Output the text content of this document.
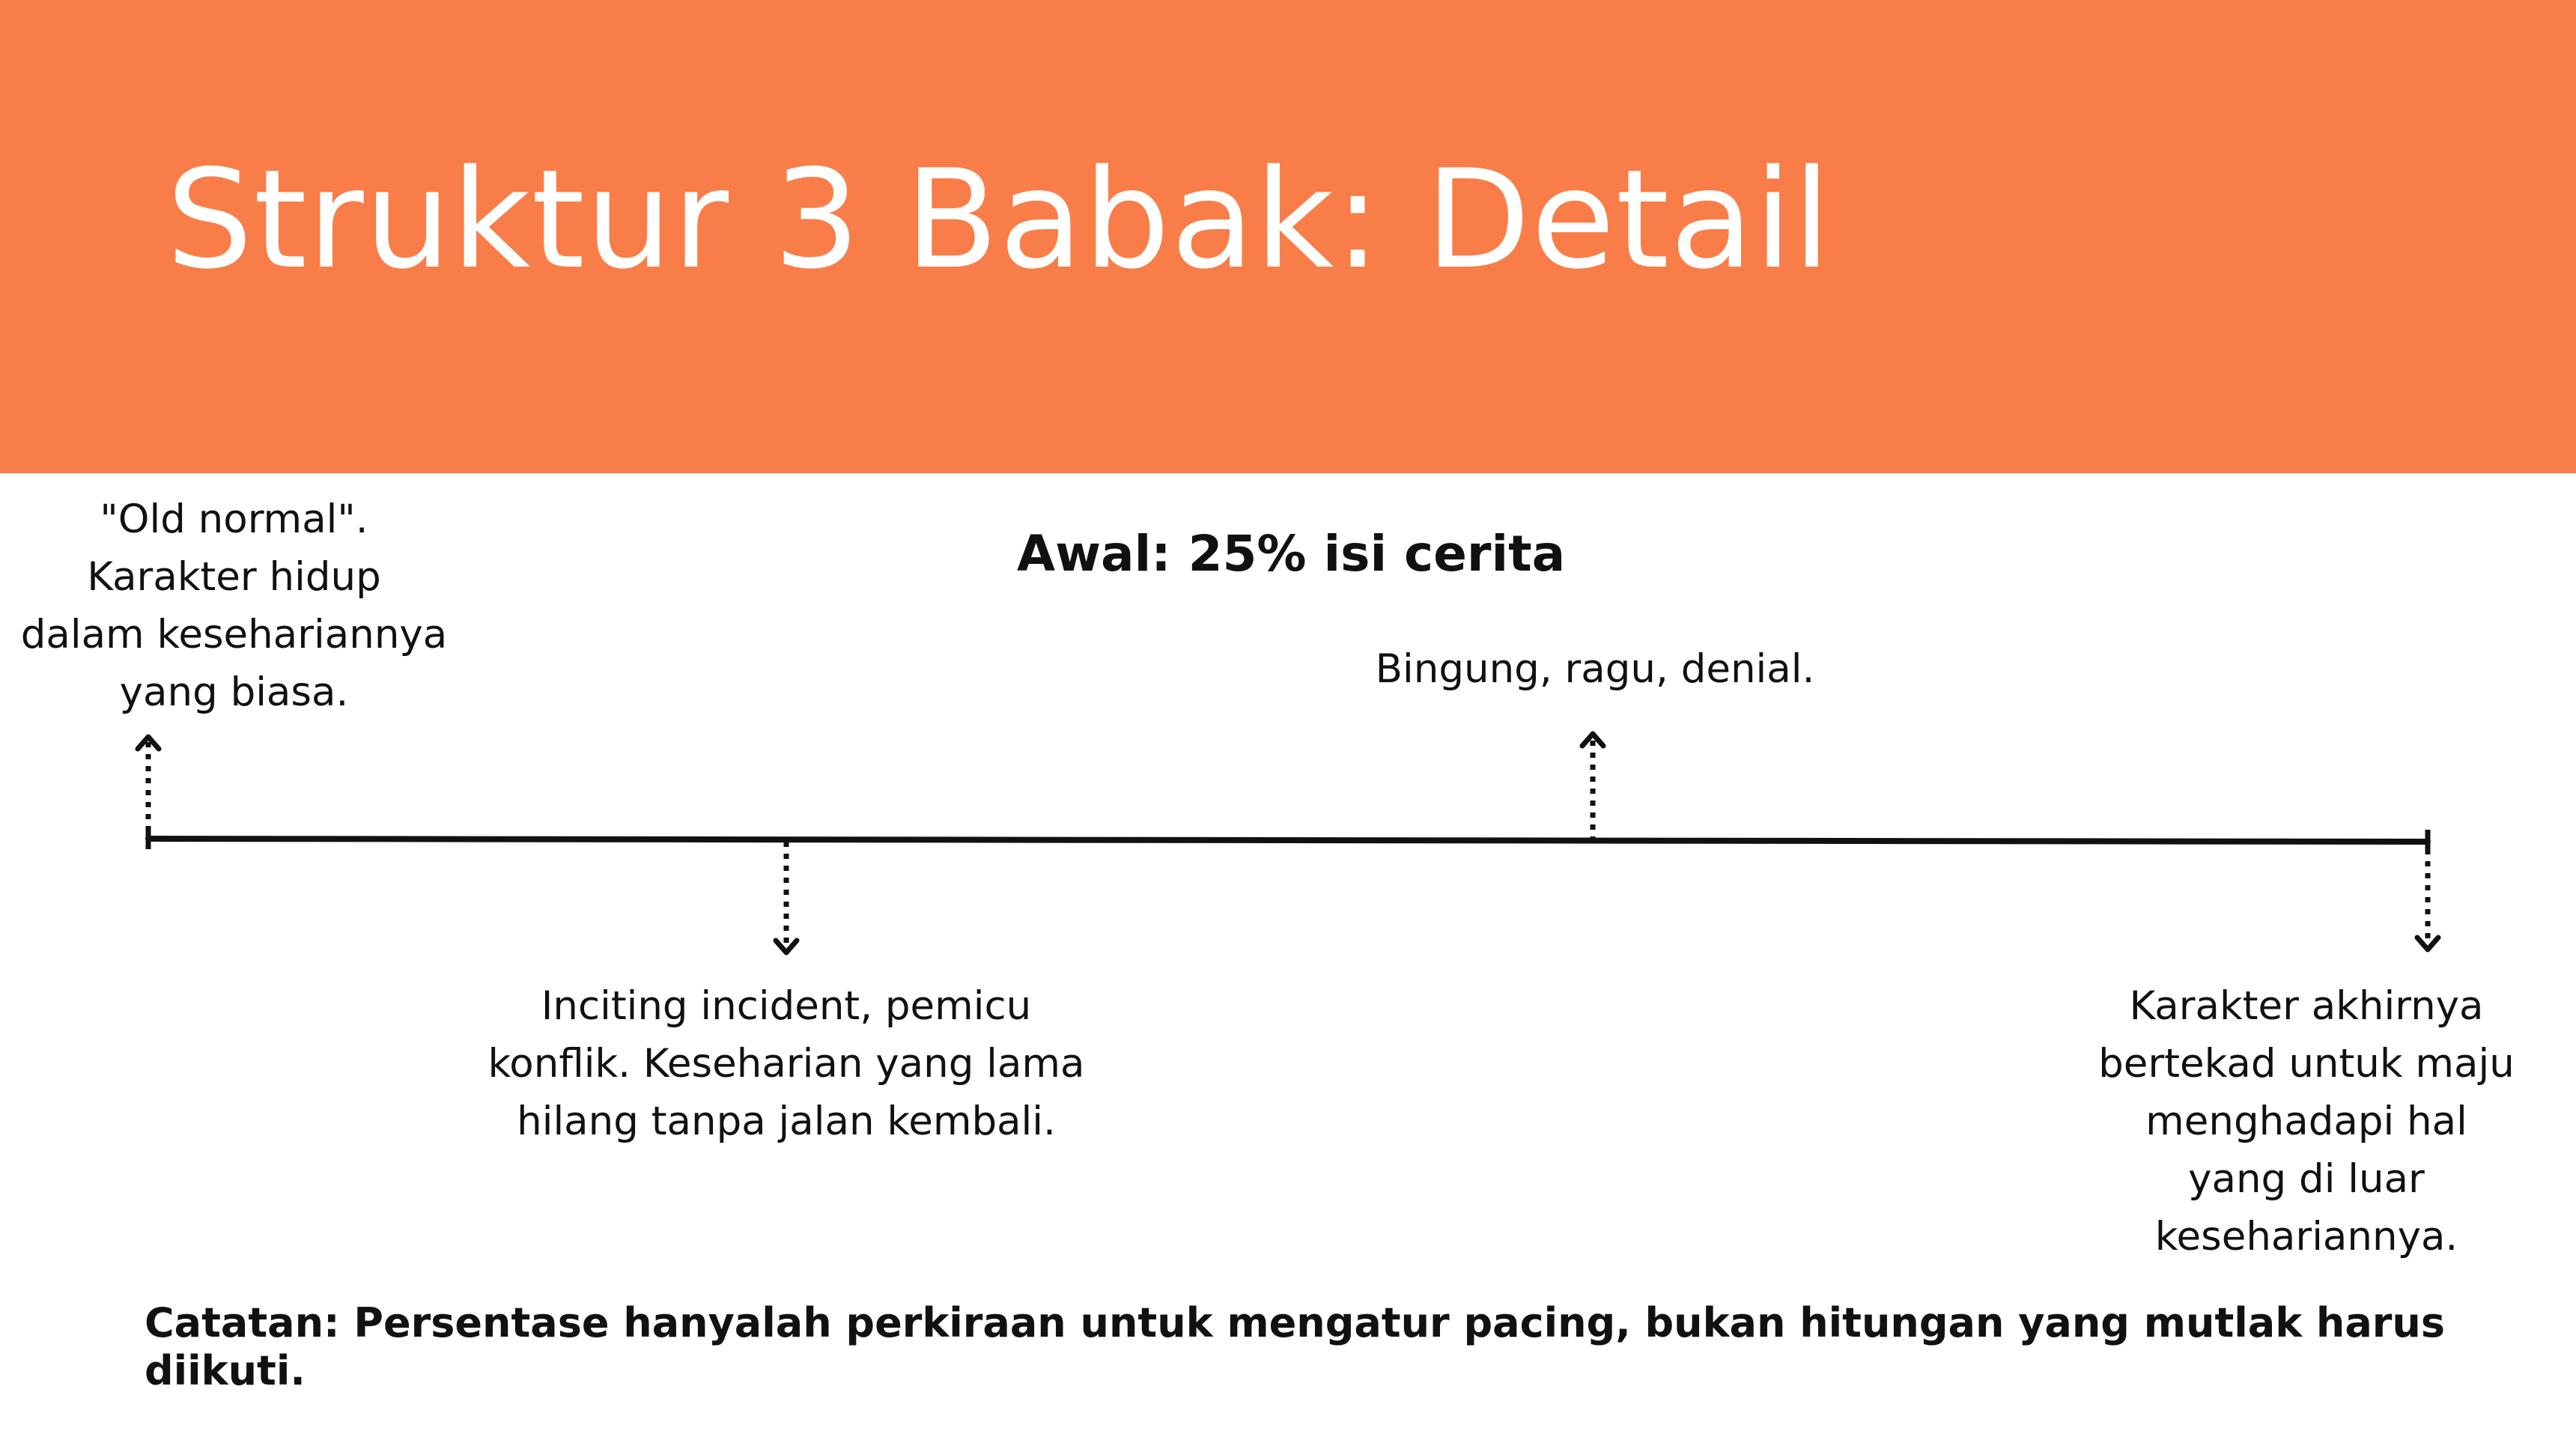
Struktur 3 Babak: Detail
Awal: 25% isi cerita
"Old normal".
Karakter hidup
dalam kesehariannya
yang biasa.
Inciting incident, pemicu
konflik. Keseharian yang lama
hilang tanpa jalan kembali.
Bingung, ragu, denial.
Karakter akhirnya
bertekad untuk maju
menghadapi hal
yang di luar
kesehariannya.
Catatan: Persentase hanyalah perkiraan untuk mengatur pacing, bukan hitungan yang mutlak harus diikuti.
